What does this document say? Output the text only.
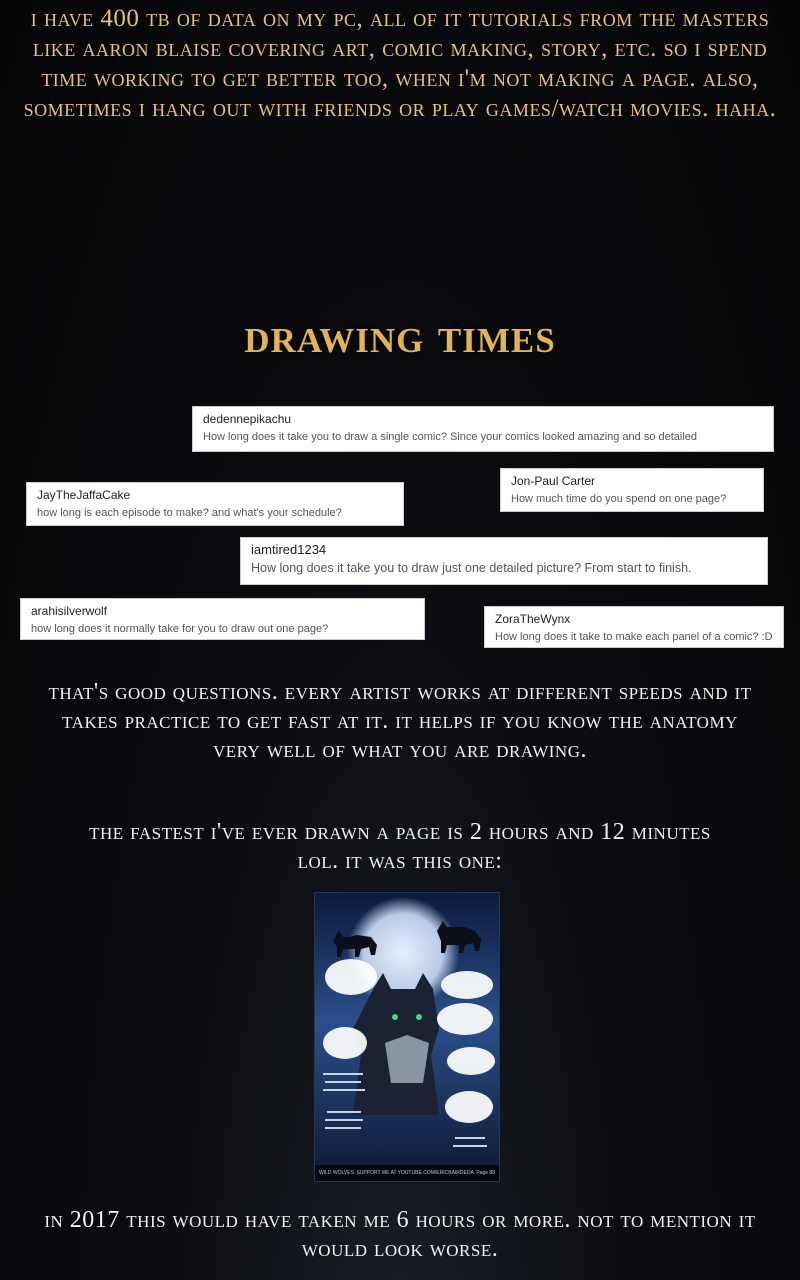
i have 400 tb of data on my pc, all of it tutorials from the masters like aaron blaise covering art, comic making, story, etc. so i spend time working to get better too, when i'm not making a page. also, sometimes i hang out with friends or play games/watch movies. haha.
drawing times
dedennepikachu
How long does it take you to draw a single comic? Since your comics looked amazing and so detailed
Jon-Paul Carter
How much time do you spend on one page?
JayTheJaffaCake
how long is each episode to make? and what's your schedule?
iamtired1234
How long does it take you to draw just one detailed picture? From start to finish.
arahisilverwolf
how long does it normally take for you to draw out one page?
ZoraTheWynx
How long does it take to make each panel of a comic? :D
that's good questions. every artist works at different speeds and it takes practice to get fast at it. it helps if you know the anatomy very well of what you are drawing.
the fastest i've ever drawn a page is 2 hours and 12 minutes lol. it was this one:
WILD WOLVES SUPPORT ME AT YOUTUBE.COM/ERICBAIRDEDA Page 88
in 2017 this would have taken me 6 hours or more. not to mention it would look worse.
